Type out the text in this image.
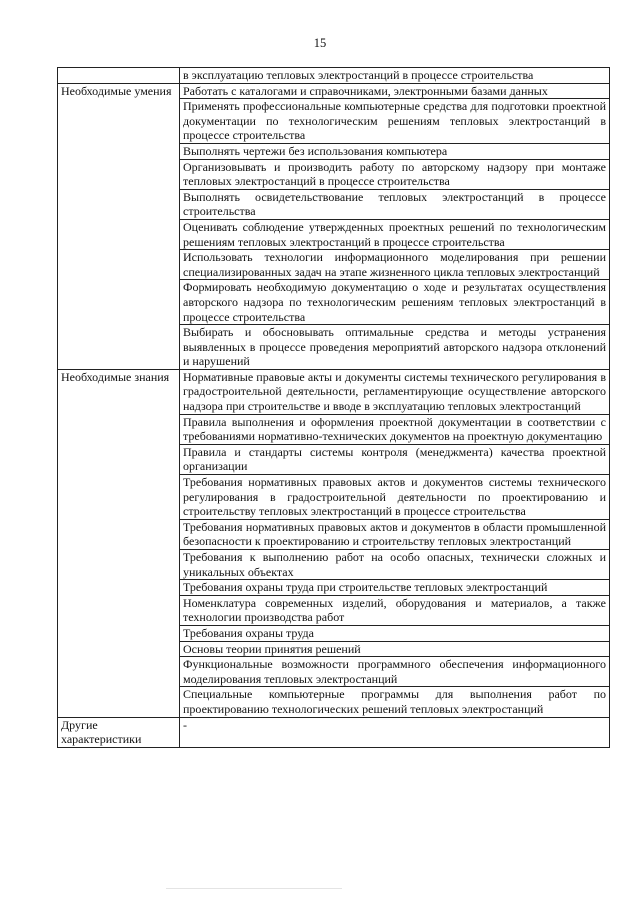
15
	в эксплуатацию тепловых электростанций в процессе строительства
Необходимые умения	Работать с каталогами и справочниками, электронными базами данных
	Применять профессиональные компьютерные средства для подготовки проектной документации по технологическим решениям тепловых электростанций в процессе строительства
	Выполнять чертежи без использования компьютера
	Организовывать и производить работу по авторскому надзору при монтаже тепловых электростанций в процессе строительства
	Выполнять освидетельствование тепловых электростанций в процессе строительства
	Оценивать соблюдение утвержденных проектных решений по технологическим решениям тепловых электростанций в процессе строительства
	Использовать технологии информационного моделирования при решении специализированных задач на этапе жизненного цикла тепловых электростанций
	Формировать необходимую документацию о ходе и результатах осуществления авторского надзора по технологическим решениям тепловых электростанций в процессе строительства
	Выбирать и обосновывать оптимальные средства и методы устранения выявленных в процессе проведения мероприятий авторского надзора отклонений и нарушений
Необходимые знания	Нормативные правовые акты и документы системы технического регулирования в градостроительной деятельности, регламентирующие осуществление авторского надзора при строительстве и вводе в эксплуатацию тепловых электростанций
	Правила выполнения и оформления проектной документации в соответствии с требованиями нормативно-технических документов на проектную документацию
	Правила и стандарты системы контроля (менеджмента) качества проектной организации
	Требования нормативных правовых актов и документов системы технического регулирования в градостроительной деятельности по проектированию и строительству тепловых электростанций в процессе строительства
	Требования нормативных правовых актов и документов в области промышленной безопасности к проектированию и строительству тепловых электростанций
	Требования к выполнению работ на особо опасных, технически сложных и уникальных объектах
	Требования охраны труда при строительстве тепловых электростанций
	Номенклатура современных изделий, оборудования и материалов, а также технологии производства работ
	Требования охраны труда
	Основы теории принятия решений
	Функциональные возможности программного обеспечения информационного моделирования тепловых электростанций
	Специальные компьютерные программы для выполнения работ по проектированию технологических решений тепловых электростанций
Другие характеристики	-
